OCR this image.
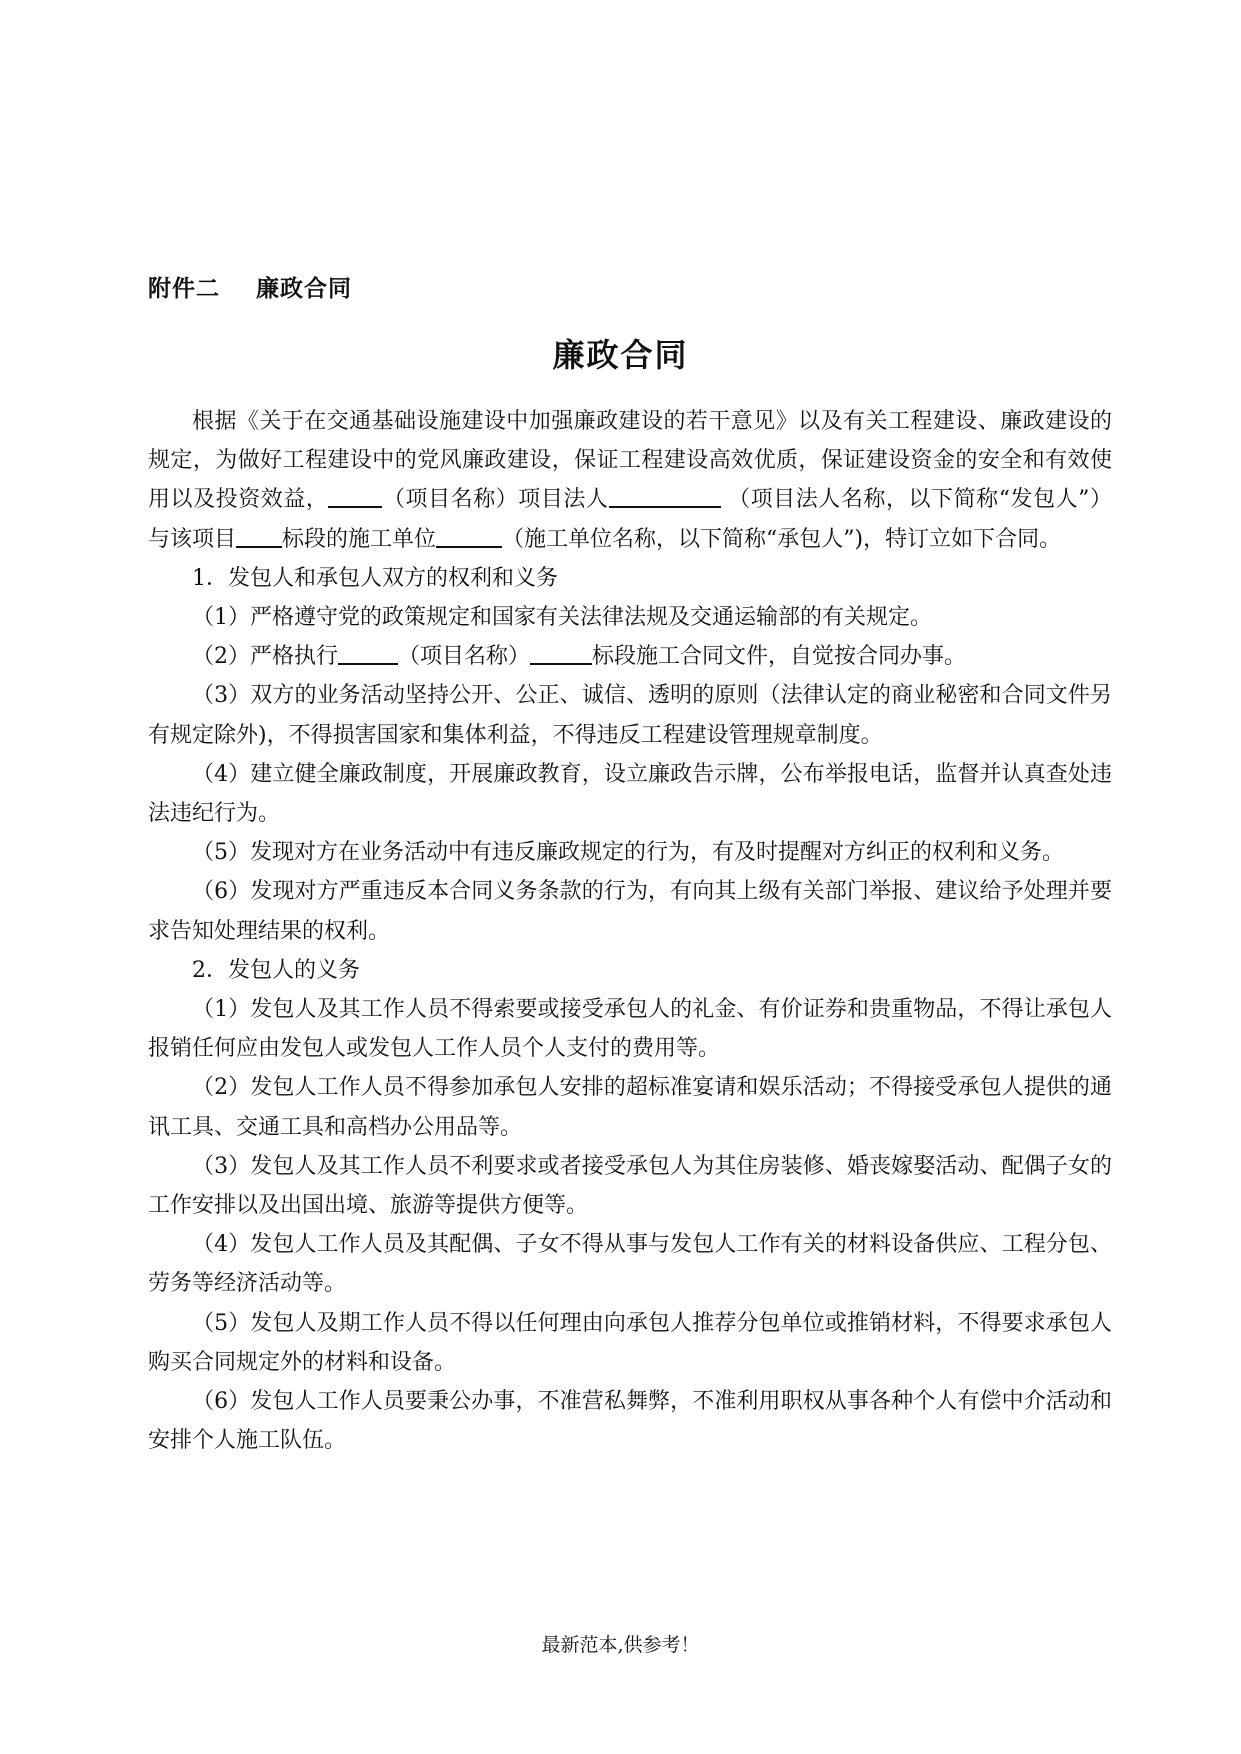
附件二    廉政合同
廉政合同

根据《关于在交通基础设施建设中加强廉政建设的若干意见》以及有关工程建设、廉政建设的规定，为做好工程建设中的党风廉政建设，保证工程建设高效优质，保证建设资金的安全和有效使用以及投资效益， （项目名称）项目法人	（项目法人名称，以下简称“发包人”）与该项目 标段的施工单位	（施工单位名称，以下简称“承包人”)，特订立如下合同。

1．发包人和承包人双方的权利和义务

（1）严格遵守党的政策规定和国家有关法律法规及交通运输部的有关规定。

（2）严格执行	（项目名称）	标段施工合同文件，自觉按合同办事。

（3）双方的业务活动坚持公开、公正、诚信、透明的原则（法律认定的商业秘密和合同文件另有规定除外)，不得损害国家和集体利益，不得违反工程建设管理规章制度。

（4）建立健全廉政制度，开展廉政教育，设立廉政告示牌，公布举报电话，监督并认真查处违法违纪行为。

（5）发现对方在业务活动中有违反廉政规定的行为，有及时提醒对方纠正的权利和义务。

（6）发现对方严重违反本合同义务条款的行为，有向其上级有关部门举报、建议给予处理并要求告知处理结果的权利。

2．发包人的义务

（1）发包人及其工作人员不得索要或接受承包人的礼金、有价证券和贵重物品，不得让承包人报销任何应由发包人或发包人工作人员个人支付的费用等。

（2）发包人工作人员不得参加承包人安排的超标准宴请和娱乐活动；不得接受承包人提供的通讯工具、交通工具和高档办公用品等。

（3）发包人及其工作人员不利要求或者接受承包人为其住房装修、婚丧嫁娶活动、配偶子女的工作安排以及出国出境、旅游等提供方便等。

（4）发包人工作人员及其配偶、子女不得从事与发包人工作有关的材料设备供应、工程分包、劳务等经济活动等。

（5）发包人及期工作人员不得以任何理由向承包人推荐分包单位或推销材料，不得要求承包人购买合同规定外的材料和设备。

（6）发包人工作人员要秉公办事，不准营私舞弊，不准利用职权从事各种个人有偿中介活动和安排个人施工队伍。

最新范本,供参考！
